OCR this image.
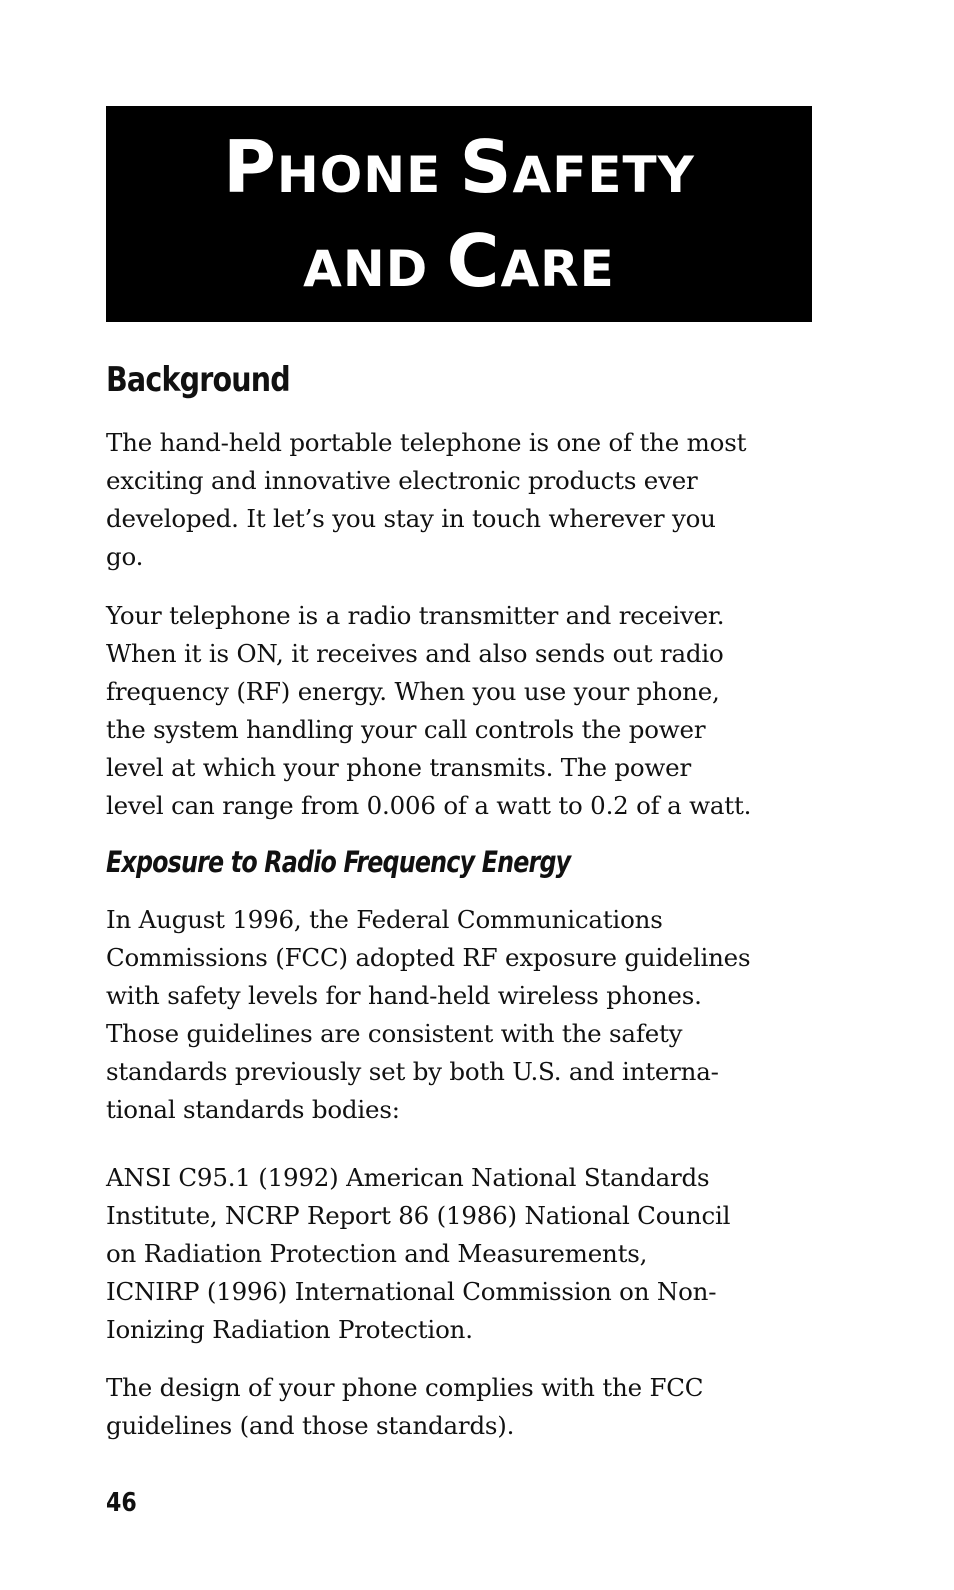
PHONE SAFETY
AND CARE
Background

The hand-held portable telephone is one of the most
exciting and innovative electronic products ever
developed. It let’s you stay in touch wherever you
go.

Your telephone is a radio transmitter and receiver.
When it is ON, it receives and also sends out radio
frequency (RF) energy. When you use your phone,
the system handling your call controls the power
level at which your phone transmits. The power
level can range from 0.006 of a watt to 0.2 of a watt.

Exposure to Radio Frequency Energy

In August 1996, the Federal Communications
Commissions (FCC) adopted RF exposure guidelines
with safety levels for hand-held wireless phones.
Those guidelines are consistent with the safety
standards previously set by both U.S. and interna-
tional standards bodies:

ANSI C95.1 (1992) American National Standards
Institute, NCRP Report 86 (1986) National Council
on Radiation Protection and Measurements,
ICNIRP (1996) International Commission on Non-
Ionizing Radiation Protection.

The design of your phone complies with the FCC
guidelines (and those standards).

46
